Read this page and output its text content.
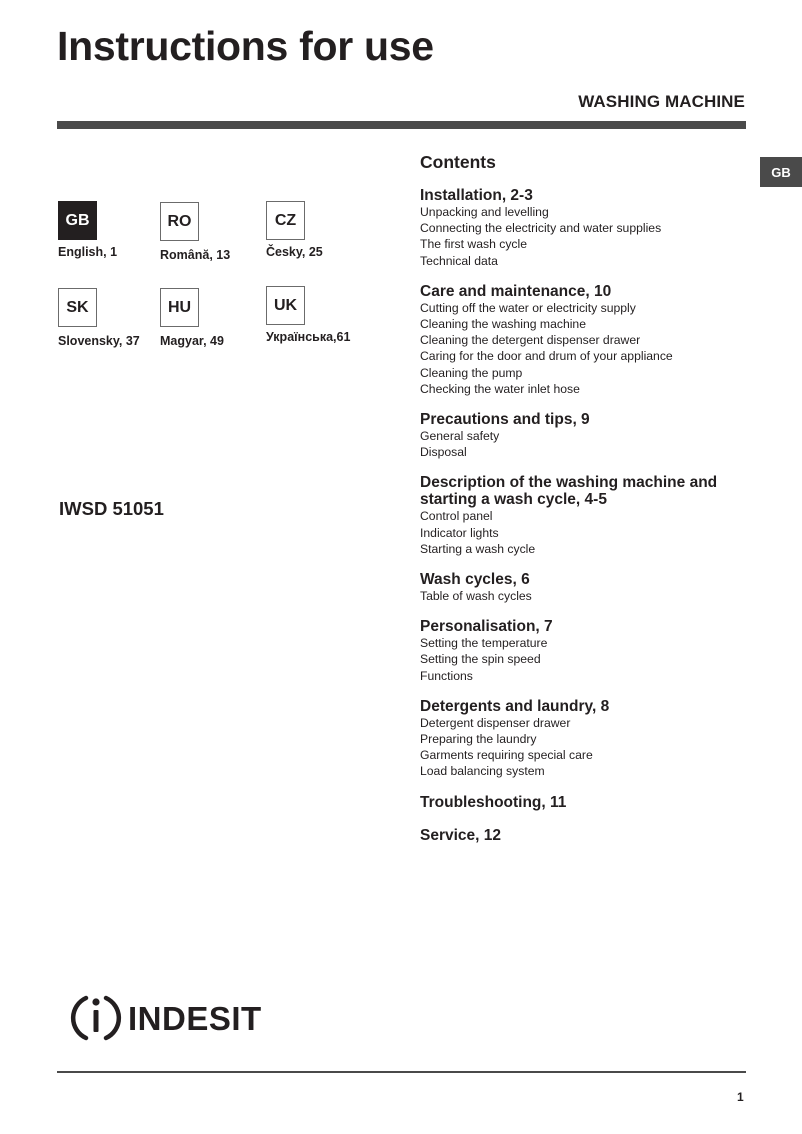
Instructions for use
WASHING MACHINE
GB
GB
English, 1
RO
Română, 13
CZ
Česky, 25
SK
Slovensky, 37
HU
Magyar, 49
UK
Українська,61
IWSD 51051
Contents
Installation, 2-3
Unpacking and levelling
Connecting the electricity and water supplies
The first wash cycle
Technical data
Care and maintenance, 10
Cutting off the water or electricity supply
Cleaning the washing machine
Cleaning the detergent dispenser drawer
Caring for the door and drum of your appliance
Cleaning the pump
Checking the water inlet hose
Precautions and tips, 9
General safety
Disposal
Description of the washing machine and starting a wash cycle, 4-5
Control panel
Indicator lights
Starting a wash cycle
Wash cycles, 6
Table of wash cycles
Personalisation, 7
Setting the temperature
Setting the spin speed
Functions
Detergents and laundry, 8
Detergent dispenser drawer
Preparing the laundry
Garments requiring special care
Load balancing system
Troubleshooting, 11
Service, 12
INDESIT
1
